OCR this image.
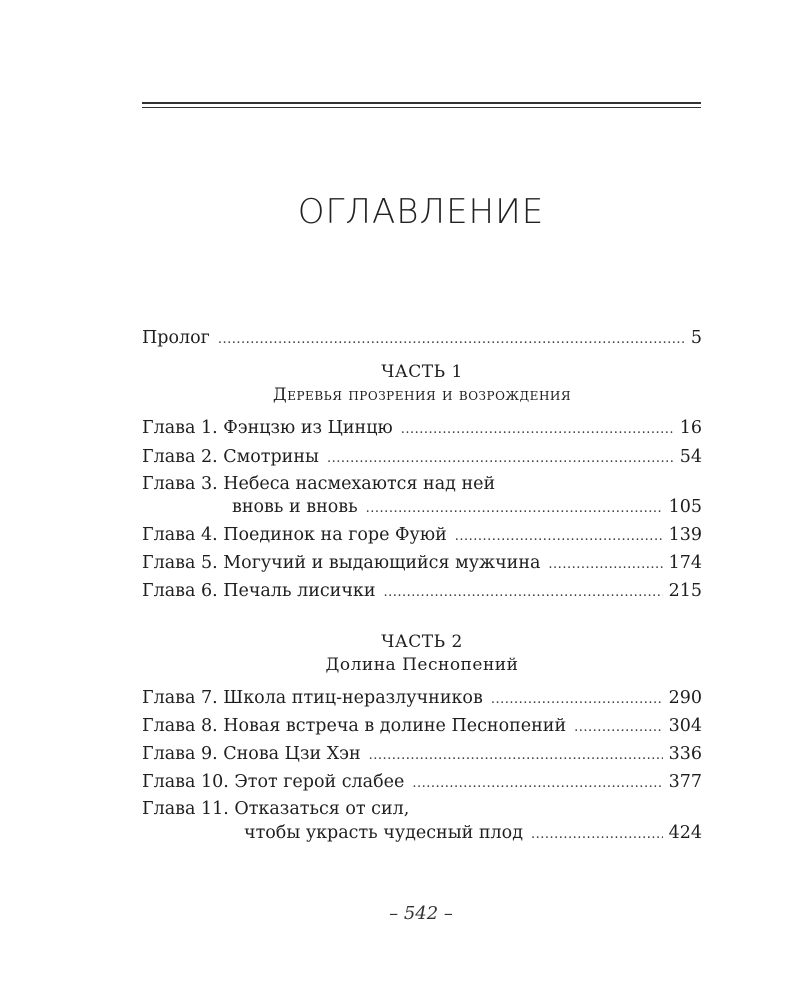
ОГЛАВЛЕНИЕ
Пролог .....	5
ЧАСТЬ 1
Деревья прозрения и возрождения
Глава 1. Фэнцзю из Цинцю .....	16
Глава 2. Смотрины .....	54
Глава 3. Небеса насмехаются над ней
вновь и вновь .....	105
Глава 4. Поединок на горе Фуюй .....	139
Глава 5. Могучий и выдающийся мужчина .....	174
Глава 6. Печаль лисички .....	215
ЧАСТЬ 2
Долина Песнопений
Глава 7. Школа птиц-неразлучников .....	290
Глава 8. Новая встреча в долине Песнопений .....	304
Глава 9. Снова Цзи Хэн .....	336
Глава 10. Этот герой слабее .....	377
Глава 11. Отказаться от сил,
чтобы украсть чудесный плод .....	424
– 542 –
